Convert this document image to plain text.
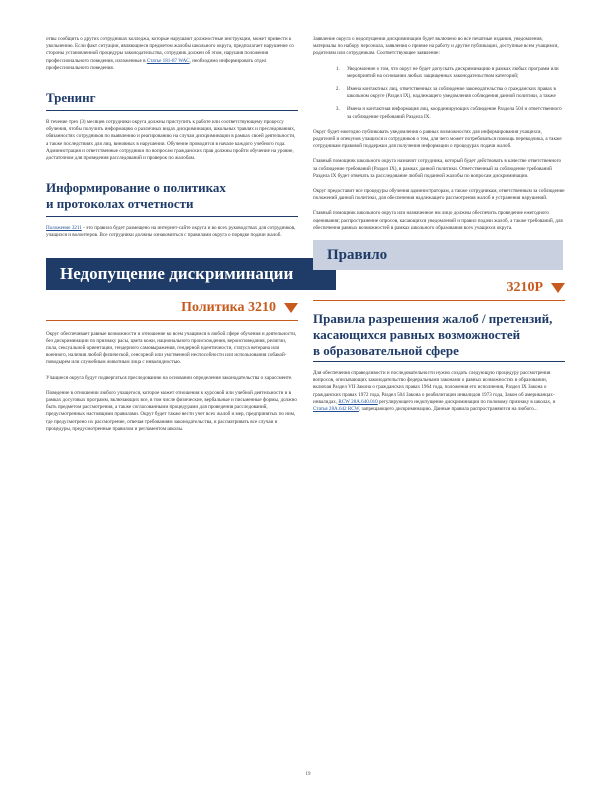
отвы сообщить о других сотрудниках колледжа, которые нарушают должностные инструкции, может привести к увольнению. Если факт ситуации, являющиеся предметом жалобы школьного округа, предполагает нарушение со стороны установленной процедуры законодательства, сотрудник должен об этом, нарушив положения профессионального поведения, изложенные в Статье 181-87 WAC, необходимо информировать отдел профессионального поведения.

Тренинг

В течение трех (3) месяцев сотрудники округа должны приступить к работе или соответствующему процессу обучения, чтобы получить информацию о различных видах дискриминации, школьных травлях и преследованиях, обязанностях сотрудников по выявлению и реагированию на случаи дискриминации в рамках своей деятельности, а также последствиях для лиц, виновных в нарушении. Обучение проводится в начале каждого учебного года. Администрация и ответственные сотрудники по вопросам гражданских прав должны пройти обучение на уровне, достаточном для проведения расследований и проверок по жалобам.

Информирование о политиках
и протоколах отчетности

Положение 3211 - это правило будет размещено на интернет-сайте округа и во всех руководствах для сотрудников, учащихся и волонтеров. Все сотрудники должны ознакомиться с правилами округа о порядке подачи жалоб.

Недопущение дискриминации
Политика 3210

Округ обеспечивает равные возможности и отношение ко всем учащимся в любой сфере обучения и деятельности, без дискриминации по признаку расы, цвета кожи, национального происхождения, вероисповедания, религии, пола, сексуальной ориентации, гендерного самовыражения, гендерной идентичности, статуса ветерана или военного, наличия любой физической, сенсорной или умственной неспособности или использования собакой-поводырем или служебным животным лица с инвалидностью.

Учащиеся округа будут подвергаться преследованию на основании определения законодательства о харассменте.

Поведение в отношении любого учащегося, которое может отношения к курсовой или учебной деятельности и в рамках досуговых программ, включающих все, в том числе физические, вербальные и письменные формы, должно быть предметом рассмотрения, а также согласованными процедурами для проведения расследований, предусмотренных настоящими правилами. Округ будет также вести учет всех жалоб и мер, предпринятых по ним, где предусмотрено их рассмотрение, отвечая требованиям законодательства, и рассматривать все случаи и процедуры, предусмотренные правилом и регламентом школы.

Заявление округа о недопущении дискриминации будет включено во все печатные издания, уведомления, материалы по набору персонала, заявления о приеме на работу и другие публикации, доступные всем учащимся, родителям или сотрудникам. Соответствующее заявление:

1. Уведомление о том, что округ не будет допускать дискриминацию в рамках любых программ или мероприятий на основании любых защищенных законодательством категорий;
2. Имена контактных лиц, ответственных за соблюдение законодательства о гражданских правах в школьном округе (Раздел IX), надлежащего уведомления соблюдения данной политики, а также
3. Имена и контактная информация лиц, координирующих соблюдение Раздела 504 и ответственного за соблюдение требований Раздела IX.

Округ будет ежегодно публиковать уведомления о равных возможностях для информирования учащихся, родителей и опекунов учащихся и сотрудников о том, для чего может потребоваться помощь переводчика, а также сотрудникам правовой поддержки для получения информации о процедурах подачи жалоб.

Главный помощник школьного округа назначит сотрудника, который будет действовать в качестве ответственного за соблюдение требований (Раздел IX), в рамках данной политики. Ответственный за соблюдение требований Раздела IX будет отвечать за расследование любой поданной жалобы по вопросам дискриминации.

Округ предоставит все процедуры обучения администраторам, а также сотрудникам, ответственным за соблюдение положений данной политики, для обеспечения надлежащего рассмотрения жалоб и устранения нарушений.

Главный помощник школьного округа или назначенное им лицо должны обеспечить проведение ежегодного оценивания; распространение опросов, касающихся уведомлений и правил подачи жалоб, а также требований, для обеспечения равных возможностей в рамках школьного образования всех учащихся округа.

Правило
3210Р
Правила разрешения жалоб / претензий,
касающихся равных возможностей
в образовательной сфере

Для обеспечения справедливости и последовательности нужно создать следующую процедуру рассмотрения вопросов, описывающих законодательство федеральными законами о равных возможностях в образовании, включая Раздел VII Закона о гражданских правах 1964 года, положения его исполнения, Раздел IX Закона о гражданских правах 1972 года, Раздел 504 Закона о реабилитации инвалидов 1973 года, Закон об американцах-инвалидах, RCW 28A.640.010 регулирующего недопущение дискриминации по половому признаку в школах, и Статья 28A.642 RCW, запрещающего дискриминацию. Данные правила распространяются на любого...

19
